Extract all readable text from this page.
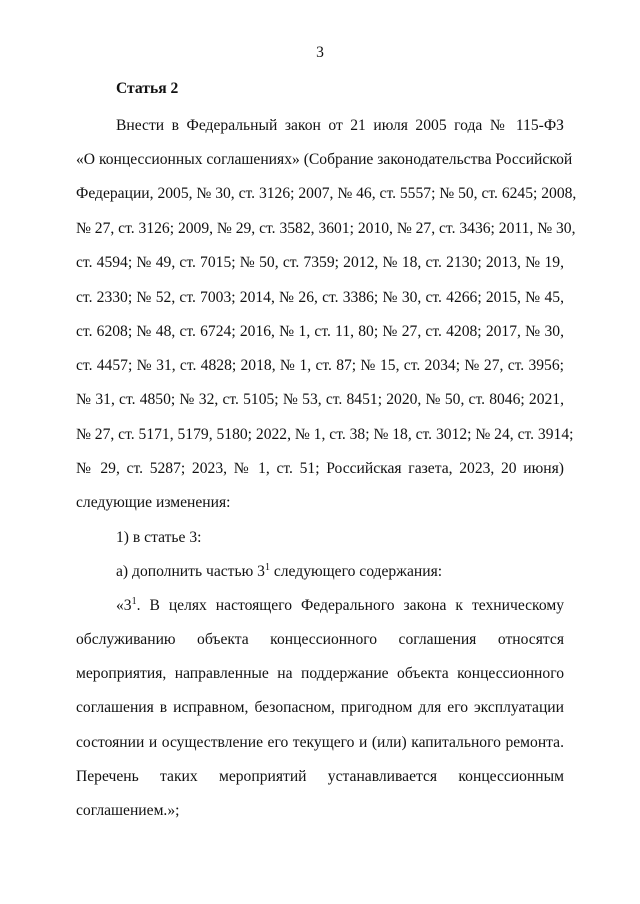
3
Статья 2
Внести в Федеральный закон от 21 июля 2005 года № 115-ФЗ
«О концессионных соглашениях» (Собрание законодательства Российской
Федерации, 2005, № 30, ст. 3126; 2007, № 46, ст. 5557; № 50, ст. 6245; 2008,
№ 27, ст. 3126; 2009, № 29, ст. 3582, 3601; 2010, № 27, ст. 3436; 2011, № 30,
ст. 4594; № 49, ст. 7015; № 50, ст. 7359; 2012, № 18, ст. 2130; 2013, № 19,
ст. 2330; № 52, ст. 7003; 2014, № 26, ст. 3386; № 30, ст. 4266; 2015, № 45,
ст. 6208; № 48, ст. 6724; 2016, № 1, ст. 11, 80; № 27, ст. 4208; 2017, № 30,
ст. 4457; № 31, ст. 4828; 2018, № 1, ст. 87; № 15, ст. 2034; № 27, ст. 3956;
№ 31, ст. 4850; № 32, ст. 5105; № 53, ст. 8451; 2020, № 50, ст. 8046; 2021,
№ 27, ст. 5171, 5179, 5180; 2022, № 1, ст. 38; № 18, ст. 3012; № 24, ст. 3914;
№ 29, ст. 5287; 2023, № 1, ст. 51; Российская газета, 2023, 20 июня)
следующие изменения:
1) в статье 3:
а) дополнить частью $3^1$ следующего содержания:
«$3^1$. В целях настоящего Федерального закона к техническому
обслуживанию объекта концессионного соглашения относятся
мероприятия, направленные на поддержание объекта концессионного
соглашения в исправном, безопасном, пригодном для его эксплуатации
состоянии и осуществление его текущего и (или) капитального ремонта.
Перечень таких мероприятий устанавливается концессионным
соглашением.»;
